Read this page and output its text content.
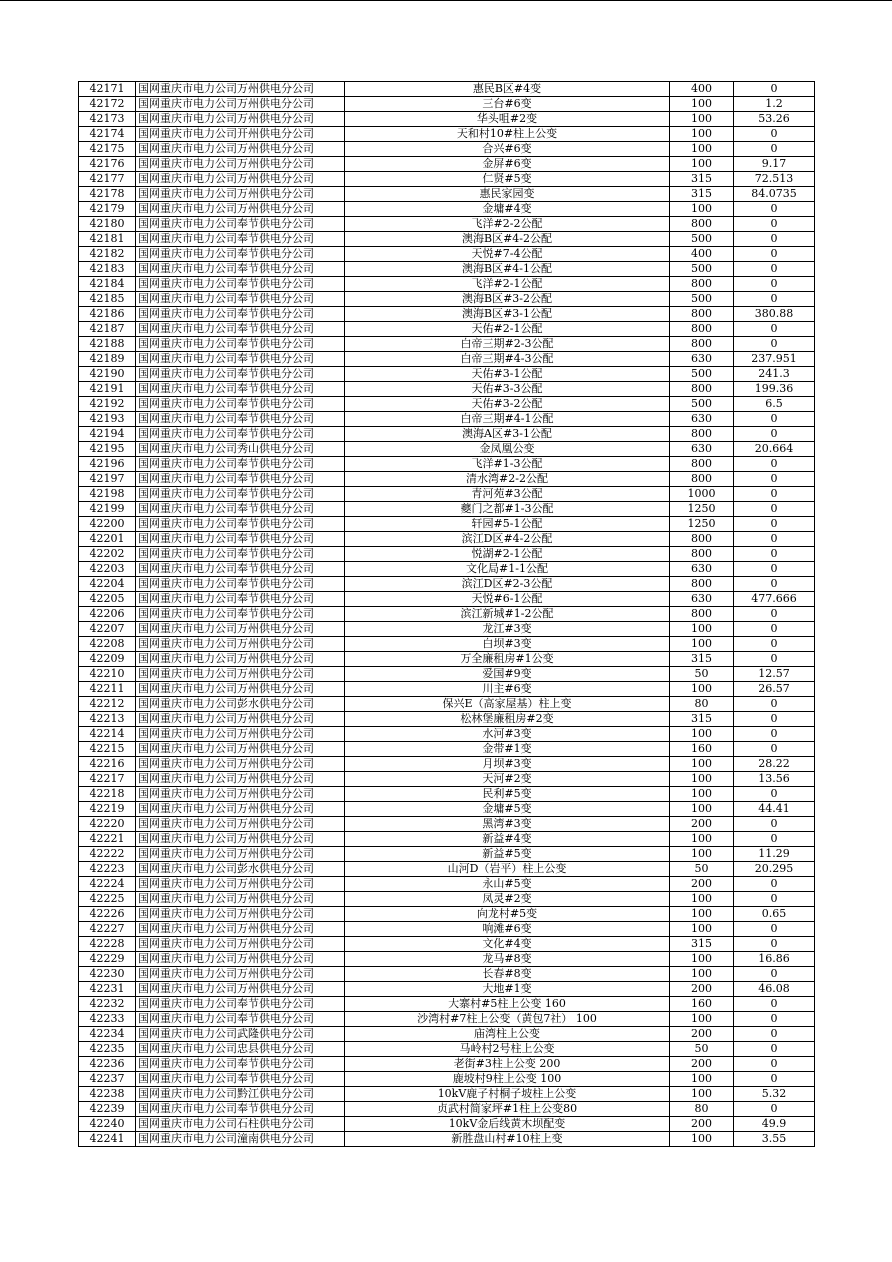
42171	国网重庆市电力公司万州供电分公司	惠民B区#4变	400	0
42172	国网重庆市电力公司万州供电分公司	三台#6变	100	1.2
42173	国网重庆市电力公司万州供电分公司	华头咀#2变	100	53.26
42174	国网重庆市电力公司开州供电分公司	天和村10#柱上公变	100	0
42175	国网重庆市电力公司万州供电分公司	合兴#6变	100	0
42176	国网重庆市电力公司万州供电分公司	金屏#6变	100	9.17
42177	国网重庆市电力公司万州供电分公司	仁贤#5变	315	72.513
42178	国网重庆市电力公司万州供电分公司	惠民家园变	315	84.0735
42179	国网重庆市电力公司万州供电分公司	金墉#4变	100	0
42180	国网重庆市电力公司奉节供电分公司	飞洋#2-2公配	800	0
42181	国网重庆市电力公司奉节供电分公司	澳海B区#4-2公配	500	0
42182	国网重庆市电力公司奉节供电分公司	天悦#7-4公配	400	0
42183	国网重庆市电力公司奉节供电分公司	澳海B区#4-1公配	500	0
42184	国网重庆市电力公司奉节供电分公司	飞洋#2-1公配	800	0
42185	国网重庆市电力公司奉节供电分公司	澳海B区#3-2公配	500	0
42186	国网重庆市电力公司奉节供电分公司	澳海B区#3-1公配	800	380.88
42187	国网重庆市电力公司奉节供电分公司	天佑#2-1公配	800	0
42188	国网重庆市电力公司奉节供电分公司	白帝三期#2-3公配	800	0
42189	国网重庆市电力公司奉节供电分公司	白帝三期#4-3公配	630	237.951
42190	国网重庆市电力公司奉节供电分公司	天佑#3-1公配	500	241.3
42191	国网重庆市电力公司奉节供电分公司	天佑#3-3公配	800	199.36
42192	国网重庆市电力公司奉节供电分公司	天佑#3-2公配	500	6.5
42193	国网重庆市电力公司奉节供电分公司	白帝三期#4-1公配	630	0
42194	国网重庆市电力公司奉节供电分公司	澳海A区#3-1公配	800	0
42195	国网重庆市电力公司秀山供电分公司	金凤凰公变	630	20.664
42196	国网重庆市电力公司奉节供电分公司	飞洋#1-3公配	800	0
42197	国网重庆市电力公司奉节供电分公司	清水湾#2-2公配	800	0
42198	国网重庆市电力公司奉节供电分公司	青河苑#3公配	1000	0
42199	国网重庆市电力公司奉节供电分公司	夔门之都#1-3公配	1250	0
42200	国网重庆市电力公司奉节供电分公司	轩园#5-1公配	1250	0
42201	国网重庆市电力公司奉节供电分公司	滨江D区#4-2公配	800	0
42202	国网重庆市电力公司奉节供电分公司	悦湖#2-1公配	800	0
42203	国网重庆市电力公司奉节供电分公司	文化局#1-1公配	630	0
42204	国网重庆市电力公司奉节供电分公司	滨江D区#2-3公配	800	0
42205	国网重庆市电力公司奉节供电分公司	天悦#6-1公配	630	477.666
42206	国网重庆市电力公司奉节供电分公司	滨江新城#1-2公配	800	0
42207	国网重庆市电力公司万州供电分公司	龙江#3变	100	0
42208	国网重庆市电力公司万州供电分公司	白坝#3变	100	0
42209	国网重庆市电力公司万州供电分公司	万全廉租房#1公变	315	0
42210	国网重庆市电力公司万州供电分公司	爱国#9变	50	12.57
42211	国网重庆市电力公司万州供电分公司	川主#6变	100	26.57
42212	国网重庆市电力公司彭水供电分公司	保兴E（高家屋基）柱上变	80	0
42213	国网重庆市电力公司万州供电分公司	松林堡廉租房#2变	315	0
42214	国网重庆市电力公司万州供电分公司	水河#3变	100	0
42215	国网重庆市电力公司万州供电分公司	金带#1变	160	0
42216	国网重庆市电力公司万州供电分公司	月坝#3变	100	28.22
42217	国网重庆市电力公司万州供电分公司	天河#2变	100	13.56
42218	国网重庆市电力公司万州供电分公司	民利#5变	100	0
42219	国网重庆市电力公司万州供电分公司	金墉#5变	100	44.41
42220	国网重庆市电力公司万州供电分公司	黑湾#3变	200	0
42221	国网重庆市电力公司万州供电分公司	新益#4变	100	0
42222	国网重庆市电力公司万州供电分公司	新益#5变	100	11.29
42223	国网重庆市电力公司彭水供电分公司	山河D（岩平）柱上公变	50	20.295
42224	国网重庆市电力公司万州供电分公司	永山#5变	200	0
42225	国网重庆市电力公司万州供电分公司	凤灵#2变	100	0
42226	国网重庆市电力公司万州供电分公司	向龙村#5变	100	0.65
42227	国网重庆市电力公司万州供电分公司	响滩#6变	100	0
42228	国网重庆市电力公司万州供电分公司	文化#4变	315	0
42229	国网重庆市电力公司万州供电分公司	龙马#8变	100	16.86
42230	国网重庆市电力公司万州供电分公司	长春#8变	100	0
42231	国网重庆市电力公司万州供电分公司	大地#1变	200	46.08
42232	国网重庆市电力公司奉节供电分公司	大寨村#5柱上公变 160	160	0
42233	国网重庆市电力公司奉节供电分公司	沙湾村#7柱上公变（黄包7社） 100	100	0
42234	国网重庆市电力公司武隆供电分公司	庙湾柱上公变	200	0
42235	国网重庆市电力公司忠县供电分公司	马岭村2号柱上公变	50	0
42236	国网重庆市电力公司奉节供电分公司	老街#3柱上公变 200	200	0
42237	国网重庆市电力公司奉节供电分公司	鹿坡村9柱上公变 100	100	0
42238	国网重庆市电力公司黔江供电分公司	10kV鹿子村桐子坡柱上公变	100	5.32
42239	国网重庆市电力公司奉节供电分公司	贞武村简家坪#1柱上公变80	80	0
42240	国网重庆市电力公司石柱供电分公司	10kV金后线黄木坝配变	200	49.9
42241	国网重庆市电力公司潼南供电分公司	新胜盘山村#10柱上变	100	3.55
